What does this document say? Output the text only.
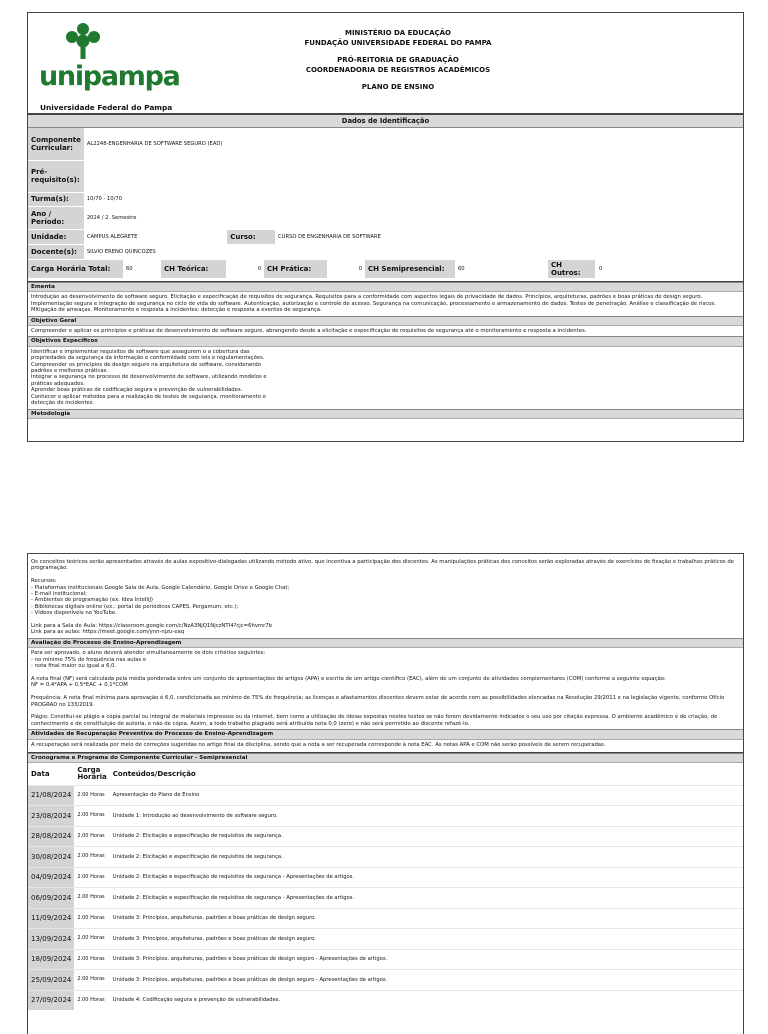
unipampa
Universidade Federal do Pampa
MINISTÉRIO DA EDUCAÇÃO
FUNDAÇÃO UNIVERSIDADE FEDERAL DO PAMPA
PRÓ-REITORIA DE GRADUAÇÃO
COORDENADORIA DE REGISTROS ACADÊMICOS
PLANO DE ENSINO
Dados de Identificação
Componente Curricular:	AL2248-ENGENHARIA DE SOFTWARE SEGURO (EAD)		
Pré-requisito(s):			
Turma(s):	10/70 - 10/70		
Ano / Período:	2024 / 2. Semestre		
Unidade:	CAMPUS ALEGRETE	Curso:	CURSO DE ENGENHARIA DE SOFTWARE
Docente(s):	SILVIO ERENO QUINCOZES		
Carga Horária Total:	60	CH Teórica:	0	CH Prática:	0	CH Semipresencial:	60	CH Outros:	0
Ementa
Introdução ao desenvolvimento de software seguro. Elicitação e especificação de requisitos de segurança. Requisitos para a conformidade com aspectos legais de privacidade de dados. Princípios, arquiteturas, padrões e boas práticas de design seguro. Implementação segura e integração de segurança no ciclo de vida do software. Autenticação, autorização e controle de acesso. Segurança na comunicação, processamento e armazenamento de dados. Testes de penetração. Análise e classificação de riscos. Mitigação de ameaças. Monitoramento e resposta a incidentes: detecção e resposta a eventos de segurança.
Objetivo Geral
Compreender e aplicar os princípios e práticas de desenvolvimento de software seguro, abrangendo desde a elicitação e especificação de requisitos de segurança até o monitoramento e resposta a incidentes.
Objetivos Específicos
Identificar e implementar requisitos de software que assegurem o a cobertura das
propriedades da segurança da informação e conformidade com leis e regulamentações.
Compreender os princípios de design seguro na arquitetura de software, considerando
padrões e melhores práticas.
Integrar a segurança no processo de desenvolvimento de software, utilizando modelos e
práticas adequados.
Aprender boas práticas de codificação segura e prevenção de vulnerabilidades.
Conhecer e aplicar métodos para a realização de testes de segurança, monitoramento e
detecção de incidentes.
Metodologia
Os conceitos teóricos serão apresentados através de aulas expositivo-dialogadas utilizando método ativo, que incentiva a participação dos discentes. As manipulações práticas dos conceitos serão exploradas através de exercícios de fixação e trabalhos práticos de programação.

Recursos:
- Plataformas institucionais Google Sala de Aula, Google Calendário, Google Drive e Google Chat;
- E-mail institucional;
- Ambientes de programação (ex. Idea IntelliJ)
- Bibliotecas digitais online (ex.: portal de periódicos CAPES, Pergamum, etc.);
- Vídeos disponíveis no YouTube.

Link para a Sala de Aula: https://classroom.google.com/c/NzA3NjQ1NjczNTI4?cjc=6hvmr7b
Link para as aulas: https://meet.google.com/ynn-njzu-eaq
Avaliação do Processo de Ensino-Aprendizagem
Para ser aprovado, o aluno deverá atender simultaneamente os dois critérios seguintes:
- no mínimo 75% de frequência nas aulas e
- nota final maior ou igual a 6,0.

A nota final (NF) será calculada pela média ponderada entre um conjunto de apresentações de artigos (APA) e escrita de um artigo científico (EAC), além de um conjunto de atividades complementares (COM) conforme a seguinte equação:
NF = 0,4*APA + 0,5*EAC + 0,1*COM

Frequência: A nota final mínima para aprovação é 6,0, condicionada ao mínimo de 75% de frequência; as licenças e afastamentos discentes devem estar de acordo com as possibilidades elencadas na Resolução 29/2011 e na legislação vigente, conforme Ofício PROGRAD no 133/2019.

Plágio: Constitui-se plágio a cópia parcial ou integral de materiais impressos ou da internet, bem como a utilização de ideias expostas nestes textos se não forem devidamente indicados o seu uso por citação expressa. O ambiente acadêmico é de criação, de conhecimento e de constituição de autoria, e não de cópia. Assim, a todo trabalho plagiado será atribuída nota 0,0 (zero) e não será permitido ao discente refazê-lo.
Atividades de Recuperação Preventiva do Processo de Ensino-Aprendizagem
A recuperação será realizada por meio de correções sugeridas no artigo final da disciplina, sendo que a nota a ser recuperada corresponde à nota EAC. As notas APA e COM não serão possíveis de serem recuperadas.
Cronograma e Programa do Componente Curricular - Semipresencial
Data	Carga Horária	Conteúdos/Descrição
21/08/2024	2.00 Horas	Apresentação do Plano de Ensino
23/08/2024	2.00 Horas	Unidade 1: Introdução ao desenvolvimento de software seguro.
28/08/2024	2.00 Horas	Unidade 2: Elicitação e especificação de requisitos de segurança.
30/08/2024	2.00 Horas	Unidade 2: Elicitação e especificação de requisitos de segurança.
04/09/2024	2.00 Horas	Unidade 2: Elicitação e especificação de requisitos de segurança - Apresentações de artigos.
06/09/2024	2.00 Horas	Unidade 2: Elicitação e especificação de requisitos de segurança - Apresentações de artigos.
11/09/2024	2.00 Horas	Unidade 3: Princípios, arquiteturas, padrões e boas práticas de design seguro.
13/09/2024	2.00 Horas	Unidade 3: Princípios, arquiteturas, padrões e boas práticas de design seguro.
18/09/2024	2.00 Horas	Unidade 3: Princípios, arquiteturas, padrões e boas práticas de design seguro - Apresentações de artigos.
25/09/2024	2.00 Horas	Unidade 3: Princípios, arquiteturas, padrões e boas práticas de design seguro - Apresentações de artigos.
27/09/2024	2.00 Horas	Unidade 4: Codificação segura e prevenção de vulnerabilidades.
